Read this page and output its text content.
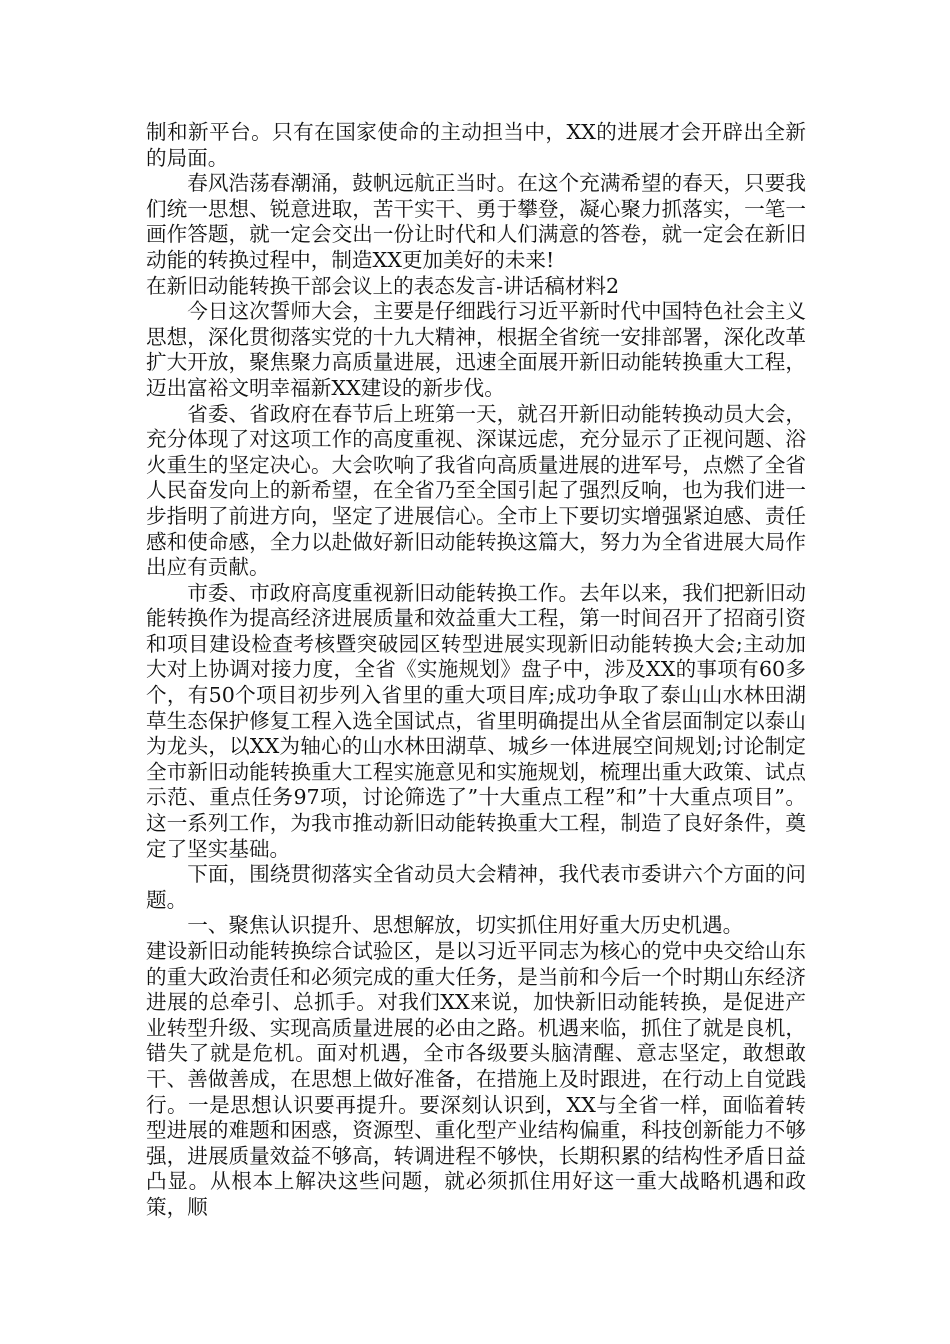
制和新平台。只有在国家使命的主动担当中，XX的进展才会开辟出全新的局面。

春风浩荡春潮涌，鼓帆远航正当时。在这个充满希望的春天，只要我们统一思想、锐意进取，苦干实干、勇于攀登，凝心聚力抓落实，一笔一画作答题，就一定会交出一份让时代和人们满意的答卷，就一定会在新旧动能的转换过程中，制造XX更加美好的未来!

在新旧动能转换干部会议上的表态发言-讲话稿材料2

今日这次誓师大会，主要是仔细践行习近平新时代中国特色社会主义思想，深化贯彻落实党的十九大精神，根据全省统一安排部署，深化改革扩大开放，聚焦聚力高质量进展，迅速全面展开新旧动能转换重大工程，迈出富裕文明幸福新XX建设的新步伐。

省委、省政府在春节后上班第一天，就召开新旧动能转换动员大会，充分体现了对这项工作的高度重视、深谋远虑，充分显示了正视问题、浴火重生的坚定决心。大会吹响了我省向高质量进展的进军号，点燃了全省人民奋发向上的新希望，在全省乃至全国引起了强烈反响，也为我们进一步指明了前进方向，坚定了进展信心。全市上下要切实增强紧迫感、责任感和使命感，全力以赴做好新旧动能转换这篇大，努力为全省进展大局作出应有贡献。

市委、市政府高度重视新旧动能转换工作。去年以来，我们把新旧动能转换作为提高经济进展质量和效益重大工程，第一时间召开了招商引资和项目建设检查考核暨突破园区转型进展实现新旧动能转换大会;主动加大对上协调对接力度，全省《实施规划》盘子中，涉及XX的事项有60多个，有50个项目初步列入省里的重大项目库;成功争取了泰山山水林田湖草生态保护修复工程入选全国试点，省里明确提出从全省层面制定以泰山为龙头，以XX为轴心的山水林田湖草、城乡一体进展空间规划;讨论制定全市新旧动能转换重大工程实施意见和实施规划，梳理出重大政策、试点示范、重点任务97项，讨论筛选了”十大重点工程”和”十大重点项目”。这一系列工作，为我市推动新旧动能转换重大工程，制造了良好条件，奠定了坚实基础。

下面，围绕贯彻落实全省动员大会精神，我代表市委讲六个方面的问题。

一、聚焦认识提升、思想解放，切实抓住用好重大历史机遇。

建设新旧动能转换综合试验区，是以习近平同志为核心的党中央交给山东的重大政治责任和必须完成的重大任务，是当前和今后一个时期山东经济进展的总牵引、总抓手。对我们XX来说，加快新旧动能转换，是促进产业转型升级、实现高质量进展的必由之路。机遇来临，抓住了就是良机，错失了就是危机。面对机遇，全市各级要头脑清醒、意志坚定，敢想敢干、善做善成，在思想上做好准备，在措施上及时跟进，在行动上自觉践行。一是思想认识要再提升。要深刻认识到，XX与全省一样，面临着转型进展的难题和困惑，资源型、重化型产业结构偏重，科技创新能力不够强，进展质量效益不够高，转调进程不够快，长期积累的结构性矛盾日益凸显。从根本上解决这些问题，就必须抓住用好这一重大战略机遇和政策，顺
